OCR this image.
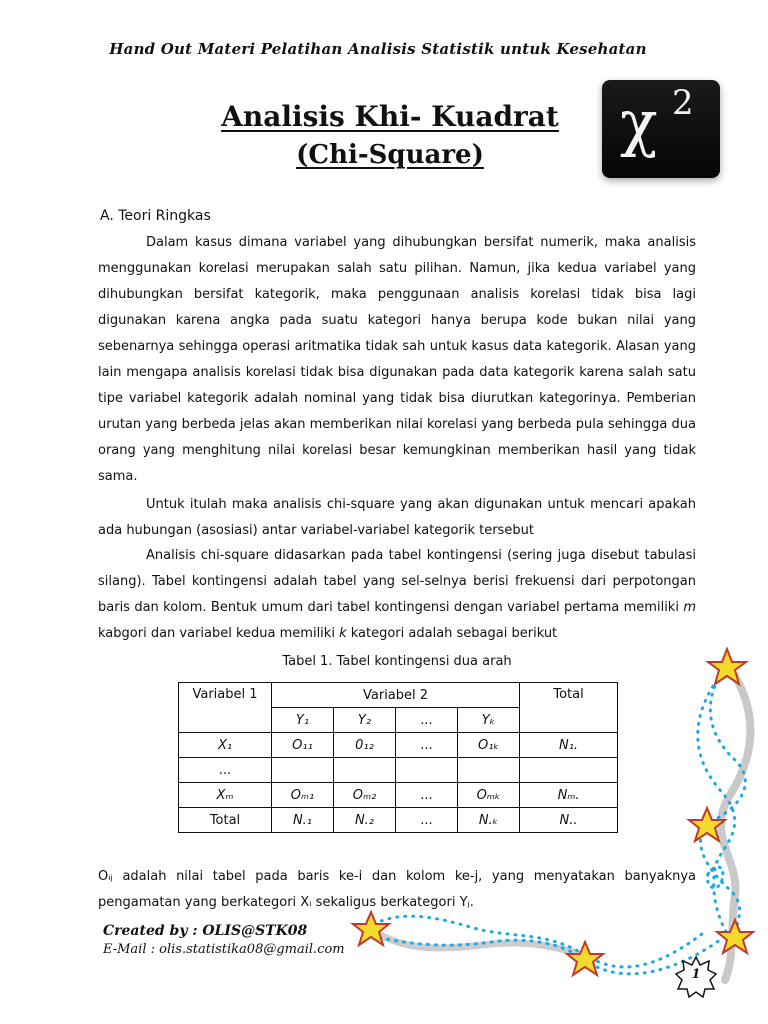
Hand Out Materi Pelatihan Analisis Statistik untuk Kesehatan
Analisis Khi- Kuadrat
(Chi-Square)	χ 2
A. Teori Ringkas

Dalam kasus dimana variabel yang dihubungkan bersifat numerik, maka analisis menggunakan korelasi merupakan salah satu pilihan. Namun, jika kedua variabel yang dihubungkan bersifat kategorik, maka penggunaan analisis korelasi tidak bisa lagi digunakan karena angka pada suatu kategori hanya berupa kode bukan nilai yang sebenarnya sehingga operasi aritmatika tidak sah untuk kasus data kategorik. Alasan yang lain mengapa analisis korelasi tidak bisa digunakan pada data kategorik karena salah satu tipe variabel kategorik adalah nominal yang tidak bisa diurutkan kategorinya. Pemberian urutan yang berbeda jelas akan memberikan nilai korelasi yang berbeda pula sehingga dua orang yang menghitung nilai korelasi besar kemungkinan memberikan hasil yang tidak sama.

Untuk itulah maka analisis chi-square yang akan digunakan untuk mencari apakah ada hubungan (asosiasi) antar variabel-variabel kategorik tersebut

Analisis chi-square didasarkan pada tabel kontingensi (sering juga disebut tabulasi silang). Tabel kontingensi adalah tabel yang sel-selnya berisi frekuensi dari perpotongan baris dan kolom. Bentuk umum dari tabel kontingensi dengan variabel pertama memiliki m kabgori dan variabel kedua memiliki k kategori adalah sebagai berikut

Tabel 1. Tabel kontingensi dua arah
Variabel 1	Variabel 2				Total
	Y₁	Y₂	...	Yₖ	
X₁	O₁₁	0₁₂	...	O₁ₖ	N₁.
...					
Xₘ	Oₘ₁	Oₘ₂	...	Oₘₖ	Nₘ.
Total	N.₁	N.₂	...	N.ₖ	N..
Oᵢⱼ adalah nilai tabel pada baris ke-i dan kolom ke-j, yang menyatakan banyaknya pengamatan yang berkategori Xᵢ sekaligus berkategori Yⱼ.
Created by : OLIS@STK08
E-Mail : olis.statistika08@gmail.com
1
